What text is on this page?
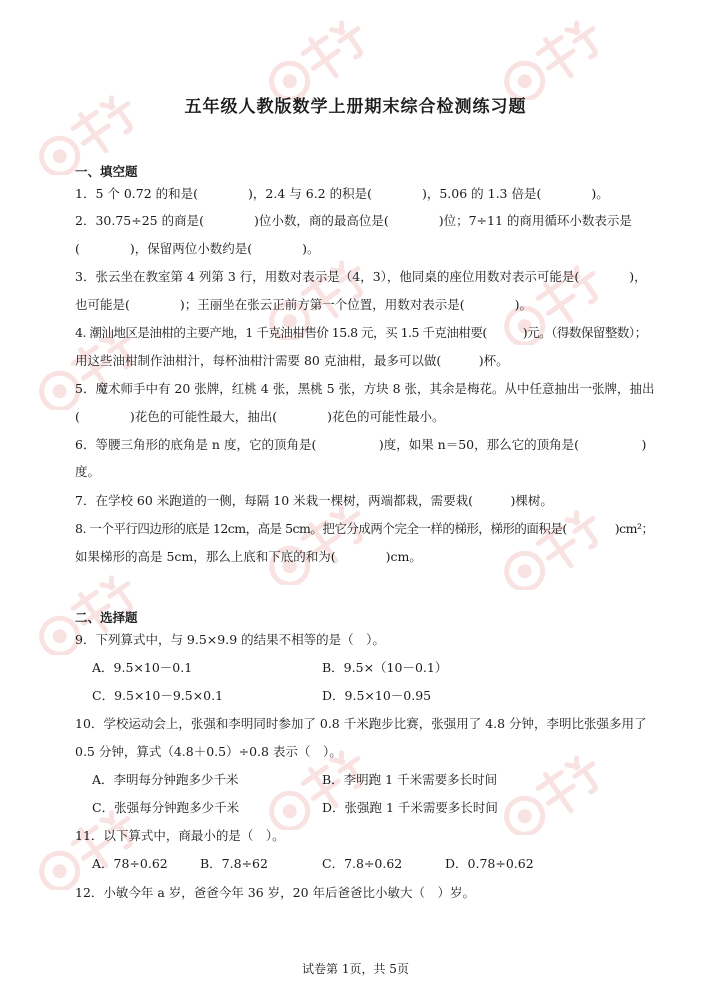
五年级人教版数学上册期末综合检测练习题
一、填空题
1．5 个 0.72 的和是(　　　　)，2.4 与 6.2 的积是(　　　　)，5.06 的 1.3 倍是(　　　　)。
2．30.75÷25 的商是(　　　　)位小数，商的最高位是(　　　　)位；7÷11 的商用循环小数表示是
(　　　　)，保留两位小数约是(　　　　)。
3．张云坐在教室第 4 列第 3 行，用数对表示是（4，3），他同桌的座位用数对表示可能是(　　　　)，
也可能是(　　　　)；王丽坐在张云正前方第一个位置，用数对表示是(　　　　)。
4. 潮汕地区是油柑的主要产地，1 千克油柑售价 15.8 元，买 1.5 千克油柑要(　　　)元。（得数保留整数）；
用这些油柑制作油柑汁，每杯油柑汁需要 80 克油柑，最多可以做(　　　)杯。
5．魔术师手中有 20 张牌，红桃 4 张，黑桃 5 张，方块 8 张，其余是梅花。从中任意抽出一张牌，抽出
(　　　　)花色的可能性最大，抽出(　　　　)花色的可能性最小。
6．等腰三角形的底角是 n 度，它的顶角是(　　　　　)度，如果 n＝50，那么它的顶角是(　　　　　)
度。
7．在学校 60 米跑道的一侧，每隔 10 米栽一棵树，两端都栽，需要栽(　　　)棵树。
8. 一个平行四边形的底是 12cm，高是 5cm。把它分成两个完全一样的梯形，梯形的面积是(　　　　)cm²；
如果梯形的高是 5cm，那么上底和下底的和为(　　　　)cm。
二、选择题
9．下列算式中，与 9.5×9.9 的结果不相等的是（　）。
A．9.5×10－0.1	B．9.5×（10－0.1）
C．9.5×10－9.5×0.1	D．9.5×10－0.95
10．学校运动会上，张强和李明同时参加了 0.8 千米跑步比赛，张强用了 4.8 分钟，李明比张强多用了
0.5 分钟，算式（4.8＋0.5）÷0.8 表示（　）。
A．李明每分钟跑多少千米	B．李明跑 1 千米需要多长时间
C．张强每分钟跑多少千米	D．张强跑 1 千米需要多长时间
11．以下算式中，商最小的是（　）。
A．78÷0.62	B．7.8÷62	C．7.8÷0.62	D．0.78÷0.62
12．小敏今年 a 岁，爸爸今年 36 岁，20 年后爸爸比小敏大（　）岁。
试卷第 1页，共 5页
